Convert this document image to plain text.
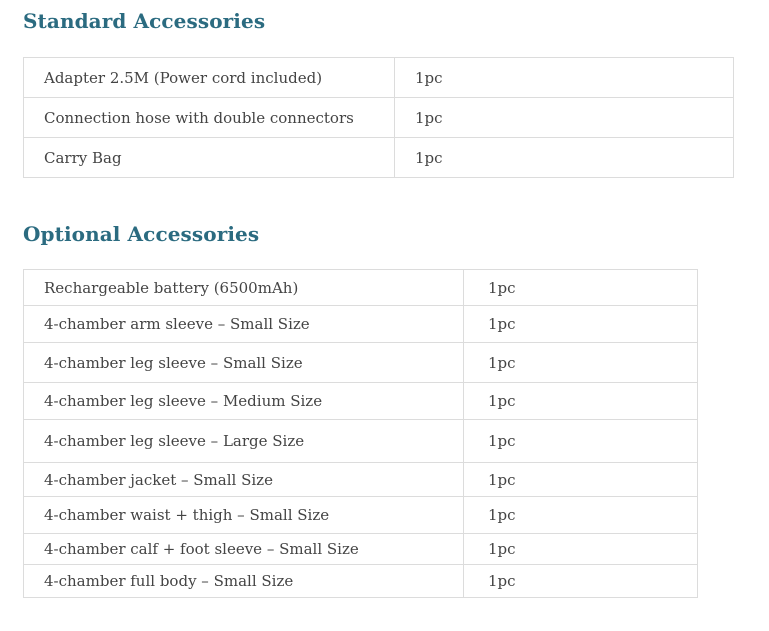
Standard Accessories
Adapter 2.5M (Power cord included)	1pc
Connection hose with double connectors	1pc
Carry Bag	1pc
Optional Accessories
Rechargeable battery (6500mAh)	1pc
4-chamber arm sleeve – Small Size	1pc
4-chamber leg sleeve – Small Size	1pc
4-chamber leg sleeve – Medium Size	1pc
4-chamber leg sleeve – Large Size	1pc
4-chamber jacket – Small Size	1pc
4-chamber waist + thigh – Small Size	1pc
4-chamber calf + foot sleeve – Small Size	1pc
4-chamber full body – Small Size	1pc
